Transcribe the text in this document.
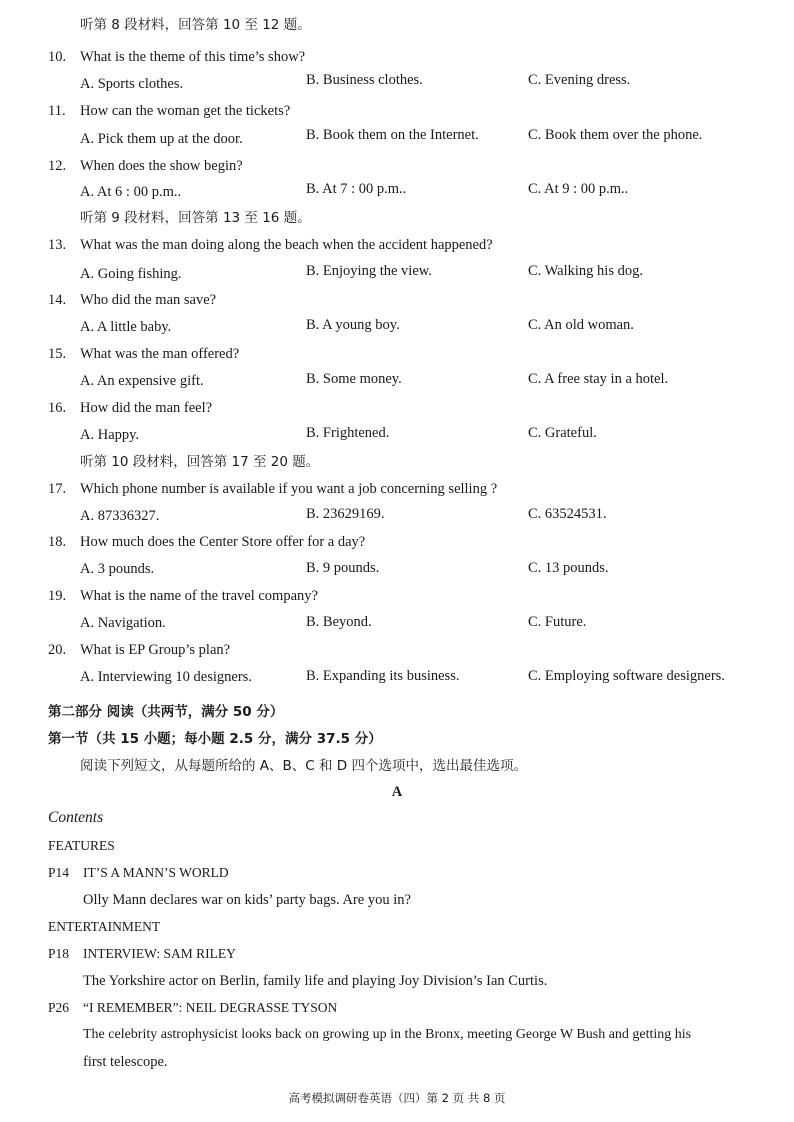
听第 8 段材料，回答第 10 至 12 题。
10. What is the theme of this time’s show?
A. Sports clothes.	B. Business clothes.	C. Evening dress.
11. How can the woman get the tickets?
A. Pick them up at the door.	B. Book them on the Internet.	C. Book them over the phone.
12. When does the show begin?
A. At 6 : 00 p.m..	B. At 7 : 00 p.m..	C. At 9 : 00 p.m..
听第 9 段材料，回答第 13 至 16 题。
13. What was the man doing along the beach when the accident happened?
A. Going fishing.	B. Enjoying the view.	C. Walking his dog.
14. Who did the man save?
A. A little baby.	B. A young boy.	C. An old woman.
15. What was the man offered?
A. An expensive gift.	B. Some money.	C. A free stay in a hotel.
16. How did the man feel?
A. Happy.	B. Frightened.	C. Grateful.
听第 10 段材料，回答第 17 至 20 题。
17. Which phone number is available if you want a job concerning selling ?
A. 87336327.	B. 23629169.	C. 63524531.
18. How much does the Center Store offer for a day?
A. 3 pounds.	B. 9 pounds.	C. 13 pounds.
19. What is the name of the travel company?
A. Navigation.	B. Beyond.	C. Future.
20. What is EP Group’s plan?
A. Interviewing 10 designers.	B. Expanding its business.	C. Employing software designers.
第二部分 阅读（共两节，满分 50 分）
第一节（共 15 小题；每小题 2.5 分，满分 37.5 分）
阅读下列短文，从每题所给的 A、B、C 和 D 四个选项中，选出最佳选项。
A
Contents
FEATURES
P14 IT’S A MANN’S WORLD
Olly Mann declares war on kids’ party bags. Are you in?
ENTERTAINMENT
P18 INTERVIEW: SAM RILEY
The Yorkshire actor on Berlin, family life and playing Joy Division’s Ian Curtis.
P26 “I REMEMBER”: NEIL DEGRASSE TYSON
The celebrity astrophysicist looks back on growing up in the Bronx, meeting George W Bush and getting his
first telescope.
高考模拟调研卷英语（四）第 2 页 共 8 页
